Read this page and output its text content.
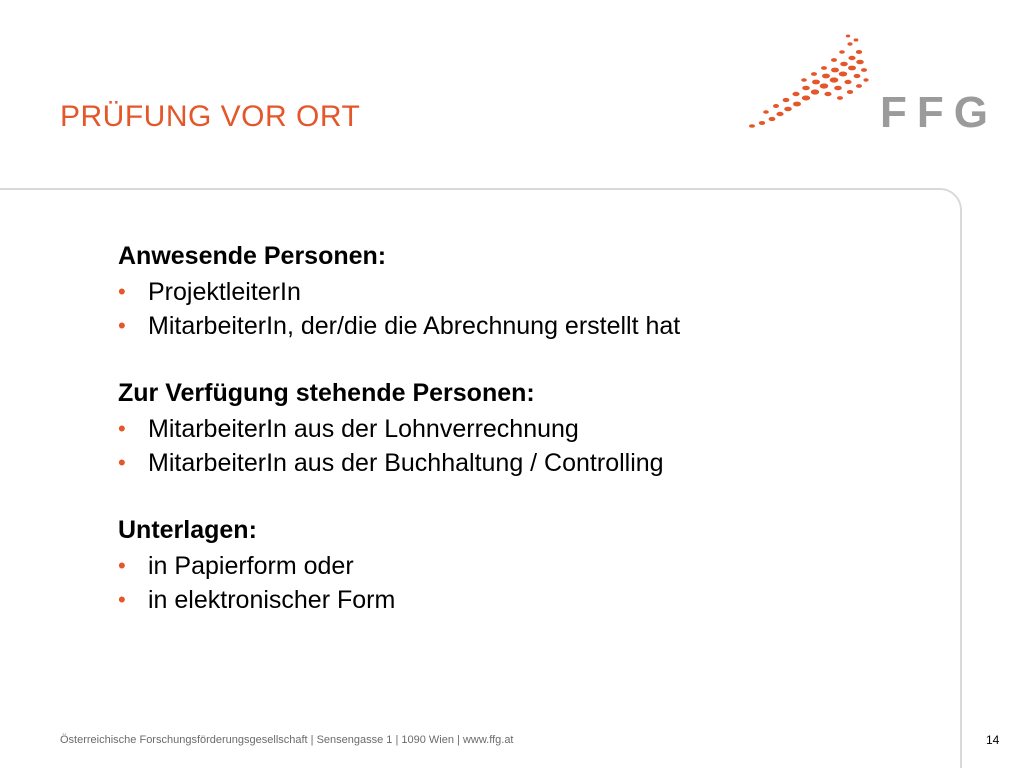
PRÜFUNG VOR ORT	FFG
Anwesende Personen:
• ProjektleiterIn
• MitarbeiterIn, der/die die Abrechnung erstellt hat
Zur Verfügung stehende Personen:
• MitarbeiterIn aus der Lohnverrechnung
• MitarbeiterIn aus der Buchhaltung / Controlling
Unterlagen:
• in Papierform oder
• in elektronischer Form
Österreichische Forschungsförderungsgesellschaft | Sensengasse 1 | 1090 Wien | www.ffg.at	14
